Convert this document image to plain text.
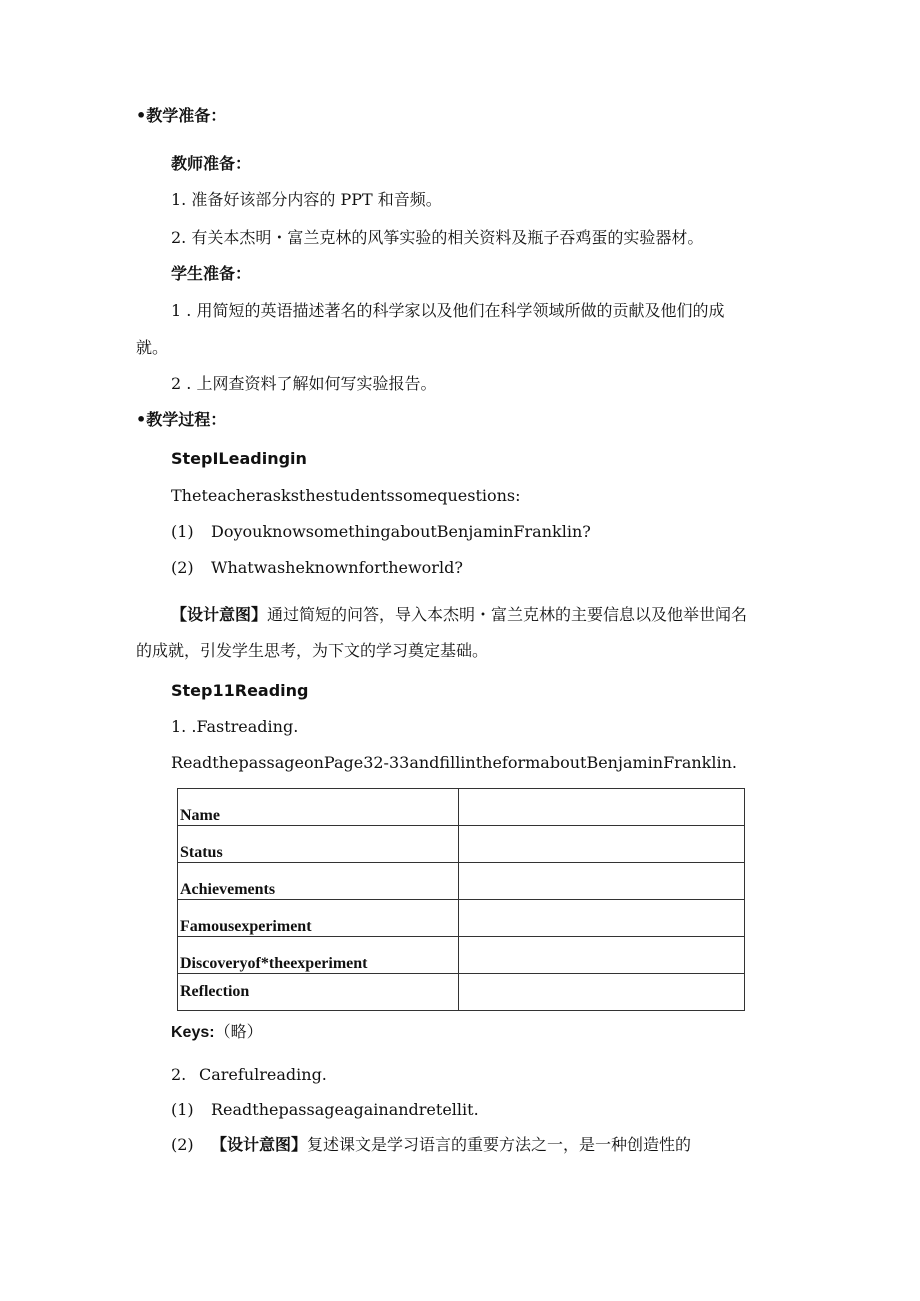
•教学准备：
教师准备：
1. 准备好该部分内容的 PPT 和音频。
2. 有关本杰明・富兰克林的风筝实验的相关资料及瓶子吞鸡蛋的实验器材。
学生准备：
1 . 用简短的英语描述著名的科学家以及他们在科学领域所做的贡献及他们的成
就。
2 . 上网查资料了解如何写实验报告。
•教学过程：
StepILeadingin
Theteacherasksthestudentssomequestions:
(1) DoyouknowsomethingaboutBenjaminFranklin?
(2) Whatwasheknownfortheworld?
【设计意图】通过简短的问答，导入本杰明・富兰克林的主要信息以及他举世闻名
的成就，引发学生思考，为下文的学习奠定基础。
Step11Reading
1. .Fastreading.
ReadthepassageonPage32-33andfillintheformaboutBenjaminFranklin.
Name	
Status	
Achievements	
Famousexperiment	
Discoveryof*theexperiment	
Reflection	
Keys:（略）
2. Carefulreading.
(1) Readthepassageagainandretellit.
(2) 【设计意图】复述课文是学习语言的重要方法之一，是一种创造性的
